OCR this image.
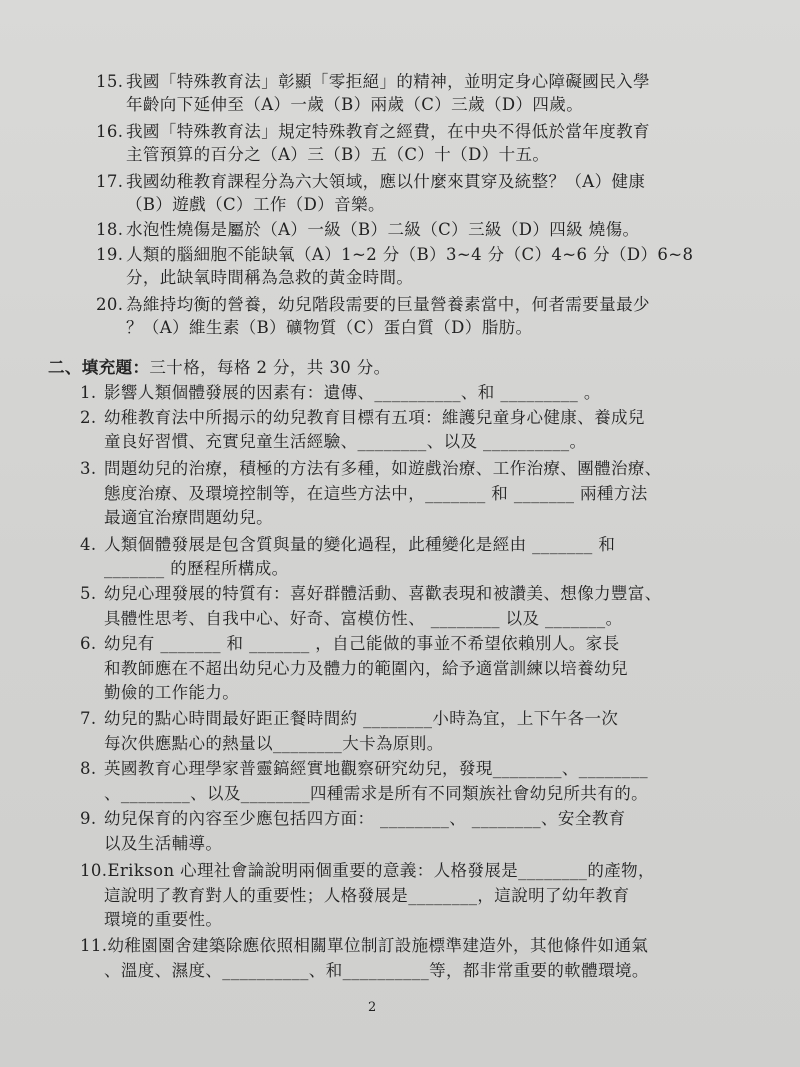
15. 我國「特殊教育法」彰顯「零拒絕」的精神，並明定身心障礙國民入學
年齡向下延伸至（A）一歲（B）兩歲（C）三歲（D）四歲。
16. 我國「特殊教育法」規定特殊教育之經費，在中央不得低於當年度教育
主管預算的百分之（A）三（B）五（C）十（D）十五。
17. 我國幼稚教育課程分為六大領域，應以什麼來貫穿及統整？（A）健康
（B）遊戲（C）工作（D）音樂。
18. 水泡性燒傷是屬於（A）一級（B）二級（C）三級（D）四級 燒傷。
19. 人類的腦細胞不能缺氧（A）1~2 分（B）3~4 分（C）4~6 分（D）6~8
分，此缺氧時間稱為急救的黃金時間。
20. 為維持均衡的營養，幼兒階段需要的巨量營養素當中，何者需要量最少
？（A）維生素（B）礦物質（C）蛋白質（D）脂肪。
二、填充題：三十格，每格 2 分，共 30 分。
1. 影響人類個體發展的因素有：遺傳、__________、和 _________ 。
2. 幼稚教育法中所揭示的幼兒教育目標有五項：維護兒童身心健康、養成兒
童良好習慣、充實兒童生活經驗、________、以及 __________。
3. 問題幼兒的治療，積極的方法有多種，如遊戲治療、工作治療、團體治療、
態度治療、及環境控制等，在這些方法中，_______ 和 _______ 兩種方法
最適宜治療問題幼兒。
4. 人類個體發展是包含質與量的變化過程，此種變化是經由 _______ 和
_______ 的歷程所構成。
5. 幼兒心理發展的特質有：喜好群體活動、喜歡表現和被讚美、想像力豐富、
具體性思考、自我中心、好奇、富模仿性、 ________ 以及 _______。
6. 幼兒有 _______ 和 _______ ，自己能做的事並不希望依賴別人。家長
和教師應在不超出幼兒心力及體力的範圍內，給予適當訓練以培養幼兒
勤儉的工作能力。
7. 幼兒的點心時間最好距正餐時間約 ________小時為宜，上下午各一次
每次供應點心的熱量以________大卡為原則。
8. 英國教育心理學家普靈鎬經實地觀察研究幼兒，發現________、________
、________、以及________四種需求是所有不同類族社會幼兒所共有的。
9. 幼兒保育的內容至少應包括四方面： ________、 ________、安全教育
以及生活輔導。
10.Erikson 心理社會論說明兩個重要的意義：人格發展是________的產物，
這說明了教育對人的重要性；人格發展是________，這說明了幼年教育
環境的重要性。
11.幼稚園園舍建築除應依照相關單位制訂設施標準建造外，其他條件如通氣
、溫度、濕度、__________、和__________等，都非常重要的軟體環境。
2
